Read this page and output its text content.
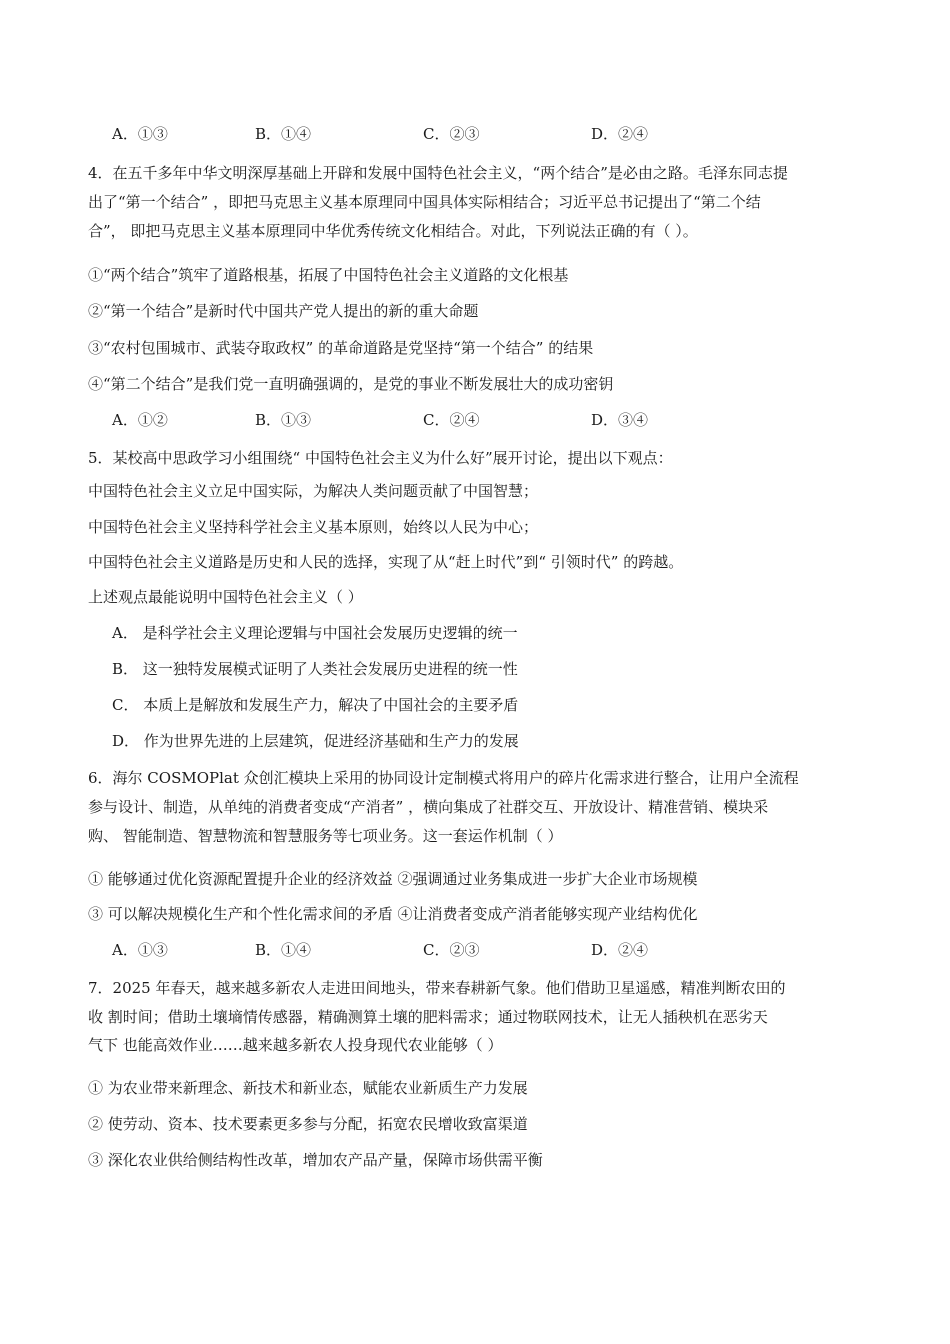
A．①③	B．①④	C．②③	D．②④
4．在五千多年中华文明深厚基础上开辟和发展中国特色社会主义，“两个结合”是必由之路。毛泽东同志提
出了“第一个结合” ，即把马克思主义基本原理同中国具体实际相结合；习近平总书记提出了“第二个结
合”， 即把马克思主义基本原理同中华优秀传统文化相结合。对此，下列说法正确的有（ ）。
①“两个结合”筑牢了道路根基，拓展了中国特色社会主义道路的文化根基
②“第一个结合”是新时代中国共产党人提出的新的重大命题
③“农村包围城市、武装夺取政权” 的革命道路是党坚持“第一个结合” 的结果
④“第二个结合”是我们党一直明确强调的，是党的事业不断发展壮大的成功密钥
A．①②	B．①③	C．②④	D．③④
5．某校高中思政学习小组围绕“ 中国特色社会主义为什么好”展开讨论，提出以下观点：
中国特色社会主义立足中国实际，为解决人类问题贡献了中国智慧；
中国特色社会主义坚持科学社会主义基本原则，始终以人民为中心；
中国特色社会主义道路是历史和人民的选择，实现了从“赶上时代”到“ 引领时代” 的跨越。
上述观点最能说明中国特色社会主义（ ）
A． 是科学社会主义理论逻辑与中国社会发展历史逻辑的统一
B． 这一独特发展模式证明了人类社会发展历史进程的统一性
C． 本质上是解放和发展生产力，解决了中国社会的主要矛盾
D． 作为世界先进的上层建筑，促进经济基础和生产力的发展
6．海尔 COSMOPlat 众创汇模块上采用的协同设计定制模式将用户的碎片化需求进行整合，让用户全流程
参与设计、制造，从单纯的消费者变成“产消者” ，横向集成了社群交互、开放设计、精准营销、模块采
购、 智能制造、智慧物流和智慧服务等七项业务。这一套运作机制（ ）
① 能够通过优化资源配置提升企业的经济效益 ②强调通过业务集成进一步扩大企业市场规模
③ 可以解决规模化生产和个性化需求间的矛盾 ④让消费者变成产消者能够实现产业结构优化
A．①③	B．①④	C．②③	D．②④
7．2025 年春天，越来越多新农人走进田间地头，带来春耕新气象。他们借助卫星遥感，精准判断农田的
收 割时间；借助土壤墒情传感器，精确测算土壤的肥料需求；通过物联网技术，让无人插秧机在恶劣天
气下 也能高效作业……越来越多新农人投身现代农业能够（ ）
① 为农业带来新理念、新技术和新业态，赋能农业新质生产力发展
② 使劳动、资本、技术要素更多参与分配，拓宽农民增收致富渠道
③ 深化农业供给侧结构性改革，增加农产品产量，保障市场供需平衡
